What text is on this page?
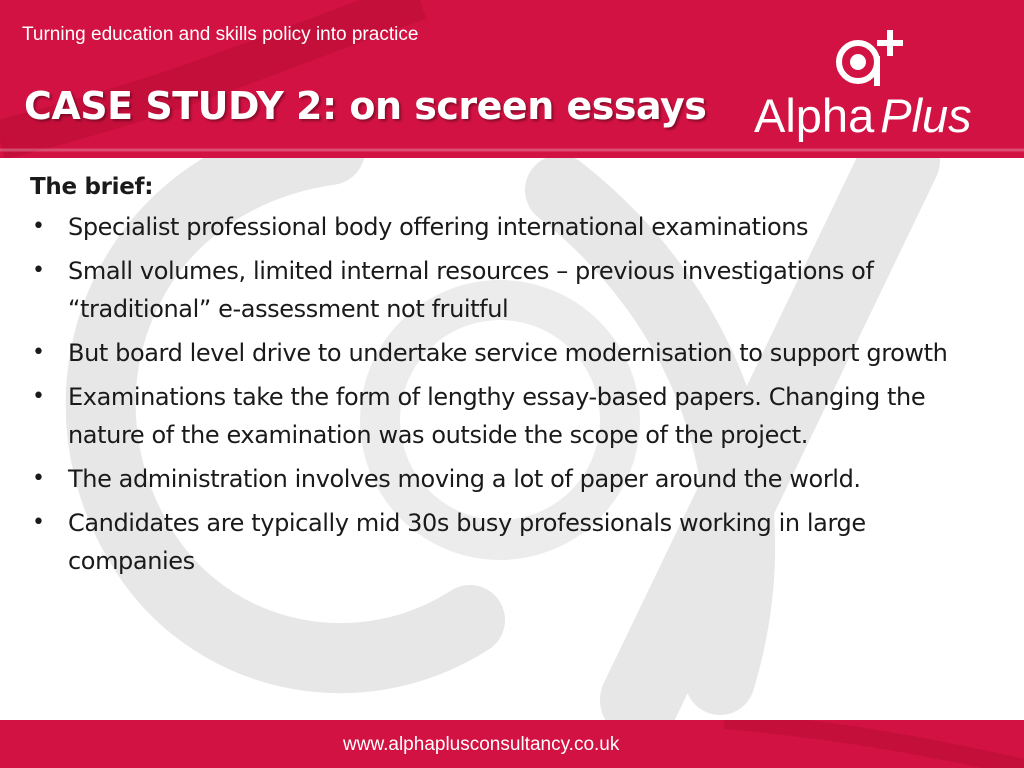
Turning education and skills policy into practice
CASE STUDY 2: on screen essays Alpha Plus
The brief:
• Specialist professional body offering international examinations
• Small volumes, limited internal resources – previous investigations of “traditional” e-assessment not fruitful
• But board level drive to undertake service modernisation to support growth
• Examinations take the form of lengthy essay-based papers. Changing the nature of the examination was outside the scope of the project.
• The administration involves moving a lot of paper around the world.
• Candidates are typically mid 30s busy professionals working in large companies
www.alphaplusconsultancy.co.uk
